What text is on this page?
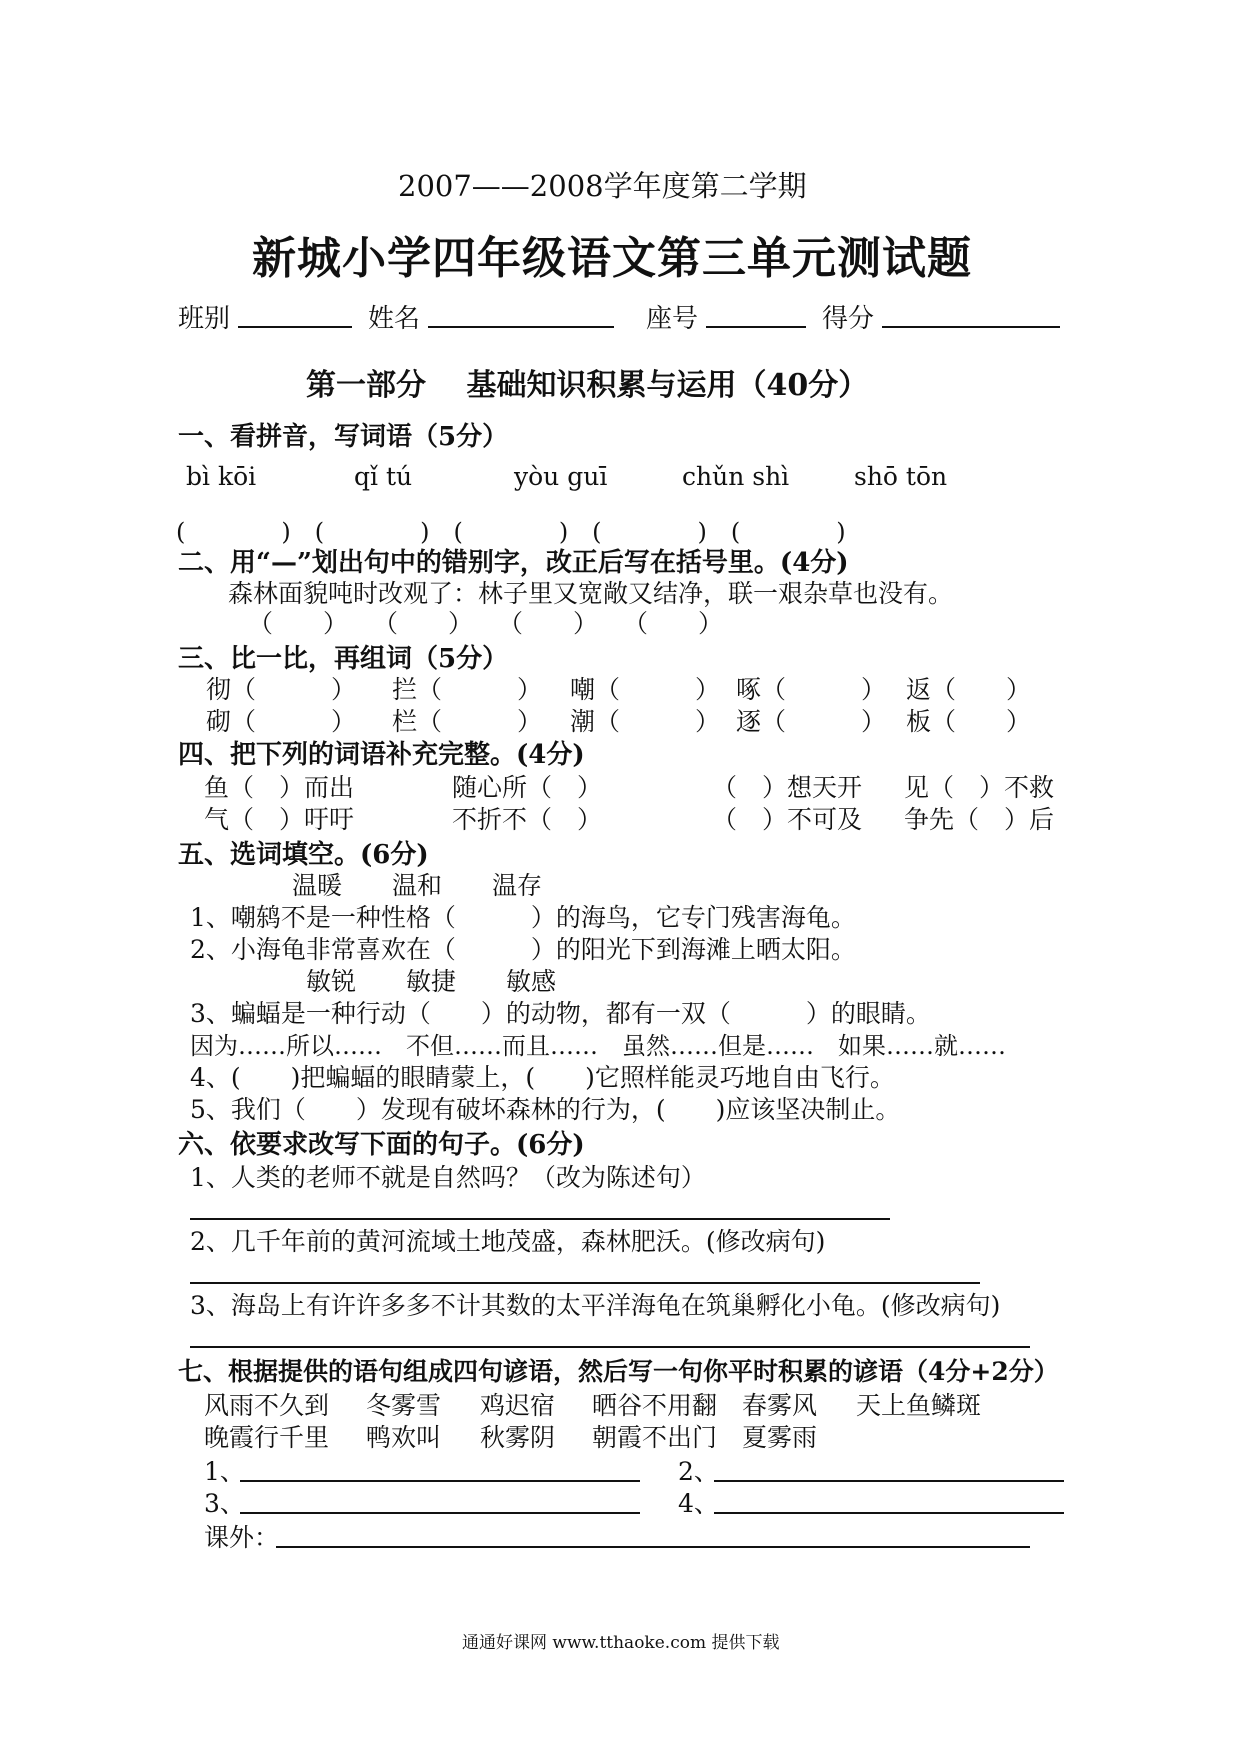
2007——2008学年度第二学期
新城小学四年级语文第三单元测试题
班别	姓名	座号	得分
第一部分　 基础知识积累与运用（40分）
一、看拼音，写词语（5分）
bì kōi	qǐ tú	yòu guī	chǔn shì	shō tōn
(　　　　)　(　　　　)　(　　　　)　(　　　　)　(　　　　)
二、用“—”划出句中的错别字，改正后写在括号里。(4分)
森林面貌吨时改观了：林子里又宽敞又结净，联一艰杂草也没有。
（　　）　　（　　）　　（　　）　　（　　）
三、比一比，再组词（5分）
彻（　　　） 拦（　　　） 嘲（　　　） 啄（　　　） 返（　　）
砌（　　　） 栏（　　　） 潮（　　　） 逐（　　　） 板（　　）
四、把下列的词语补充完整。(4分)
鱼（　）而出	随心所（　）	（　）想天开 见（　）不救
气（　）吁吁	不折不（　）	（　）不可及 争先（　）后
五、选词填空。(6分)
温暖　　温和　　温存
1、嘲鸫不是一种性格（　　　）的海鸟，它专门残害海龟。
2、小海龟非常喜欢在（　　　）的阳光下到海滩上晒太阳。
敏锐　　敏捷　　敏感
3、蝙蝠是一种行动（　　）的动物，都有一双（　　　）的眼睛。
因为……所以……　不但……而且……　虽然……但是……　如果……就……
4、(　　)把蝙蝠的眼睛蒙上，(　　)它照样能灵巧地自由飞行。
5、我们（　　）发现有破坏森林的行为，(　　)应该坚决制止。
六、依要求改写下面的句子。(6分)
1、人类的老师不就是自然吗？（改为陈述句）
2、几千年前的黄河流域土地茂盛，森林肥沃。(修改病句)
3、海岛上有许许多多不计其数的太平洋海龟在筑巢孵化小龟。(修改病句)
七、根据提供的语句组成四句谚语，然后写一句你平时积累的谚语（4分+2分）
风雨不久到 冬雾雪 鸡迟宿 晒谷不用翻 春雾风 天上鱼鳞斑
晚霞行千里 鸭欢叫 秋雾阴 朝霞不出门 夏雾雨
1、	2、
3、	4、
课外：
通通好课网 www.tthaoke.com 提供下载
